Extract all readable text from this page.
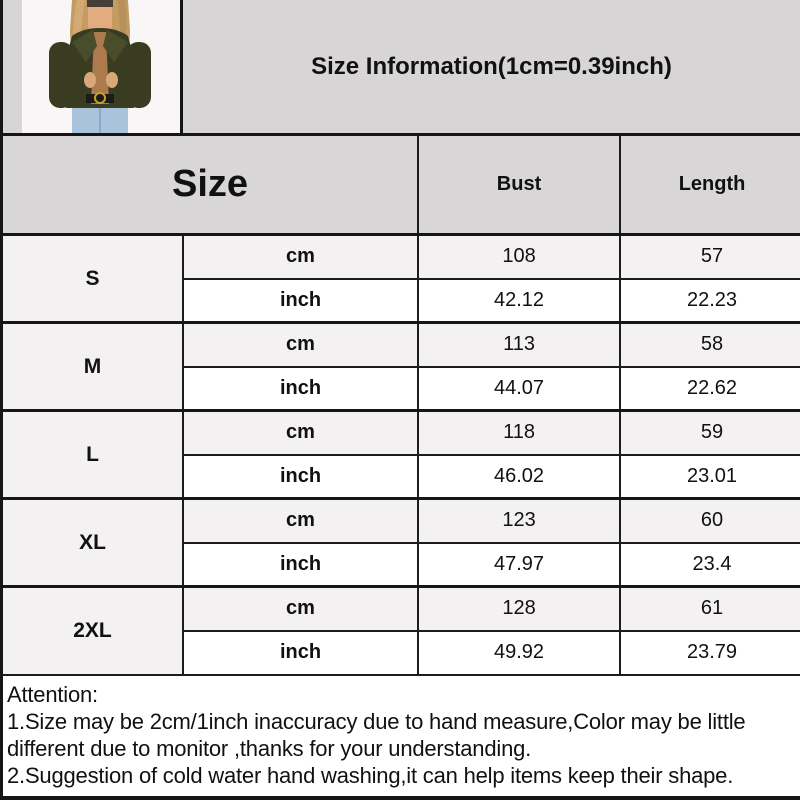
Size Information(1cm=0.39inch)
Size		Bust	Length
S	cm	108	57
	inch	42.12	22.23
M	cm	113	58
	inch	44.07	22.62
L	cm	118	59
	inch	46.02	23.01
XL	cm	123	60
	inch	47.97	23.4
2XL	cm	128	61
	inch	49.92	23.79
Attention:
1.Size may be 2cm/1inch inaccuracy due to hand measure,Color may be little
different due to monitor ,thanks for your understanding.
2.Suggestion of cold water hand washing,it can help items keep their shape.
